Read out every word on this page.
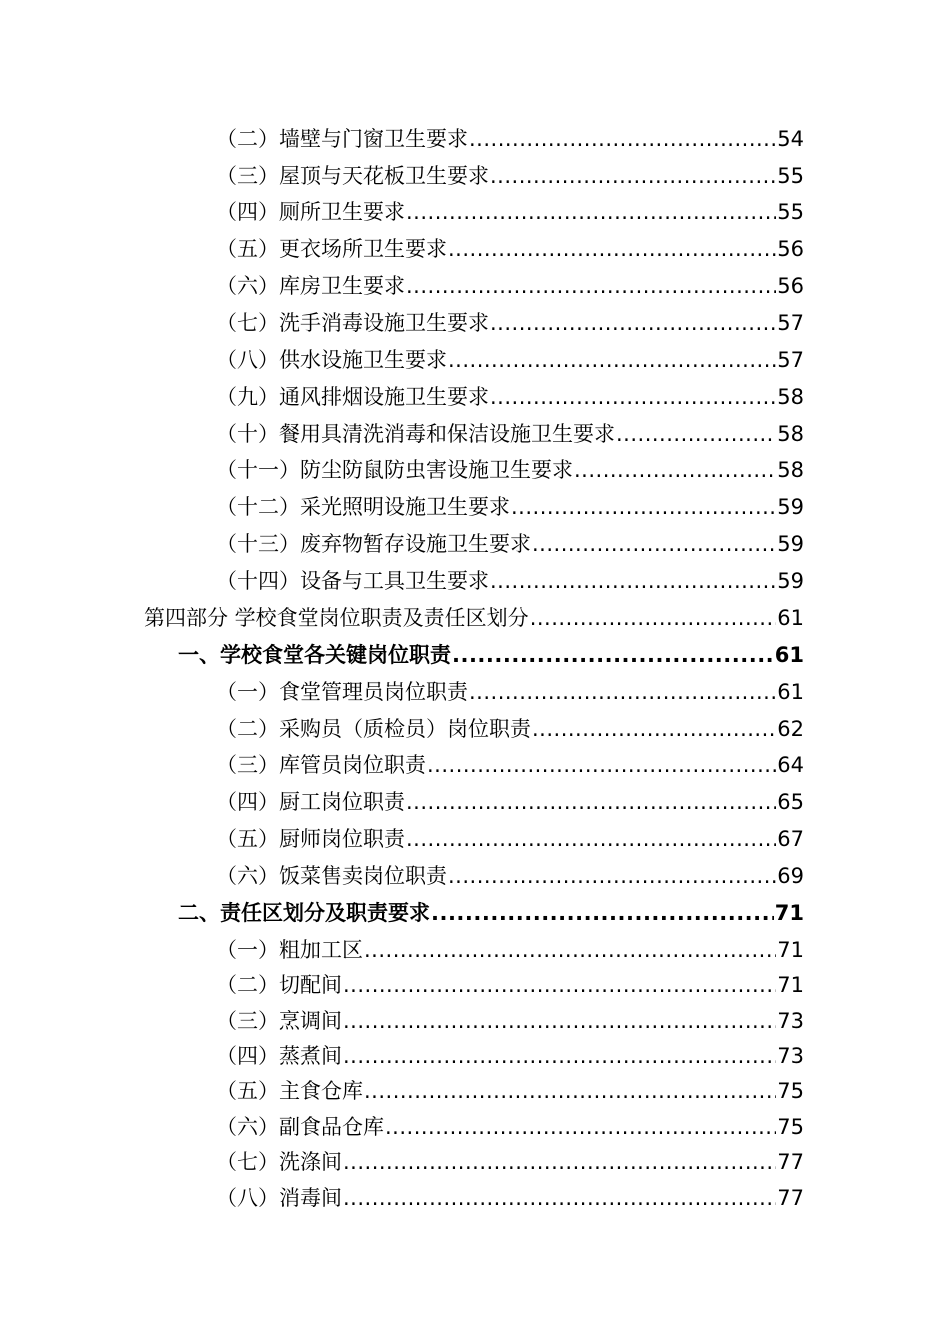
（二）墙壁与门窗卫生要求 .....	54
（三）屋顶与天花板卫生要求 .....	55
（四）厕所卫生要求 .....	55
（五）更衣场所卫生要求 .....	56
（六）库房卫生要求 .....	56
（七）洗手消毒设施卫生要求 .....	57
（八）供水设施卫生要求 .....	57
（九）通风排烟设施卫生要求 .....	58
（十）餐用具清洗消毒和保洁设施卫生要求 .....	58
（十一）防尘防鼠防虫害设施卫生要求 .....	58
（十二）采光照明设施卫生要求 .....	59
（十三）废弃物暂存设施卫生要求 .....	59
（十四）设备与工具卫生要求 .....	59
第四部分 学校食堂岗位职责及责任区划分 .....	61
一、学校食堂各关键岗位职责 .....	61
（一）食堂管理员岗位职责 .....	61
（二）采购员（质检员）岗位职责 .....	62
（三）库管员岗位职责 .....	64
（四）厨工岗位职责 .....	65
（五）厨师岗位职责 .....	67
（六）饭菜售卖岗位职责 .....	69
二、责任区划分及职责要求 .....	71
（一）粗加工区 .....	71
（二）切配间 .....	71
（三）烹调间 .....	73
（四）蒸煮间 .....	73
（五）主食仓库 .....	75
（六）副食品仓库 .....	75
（七）洗涤间 .....	77
（八）消毒间 .....	77
